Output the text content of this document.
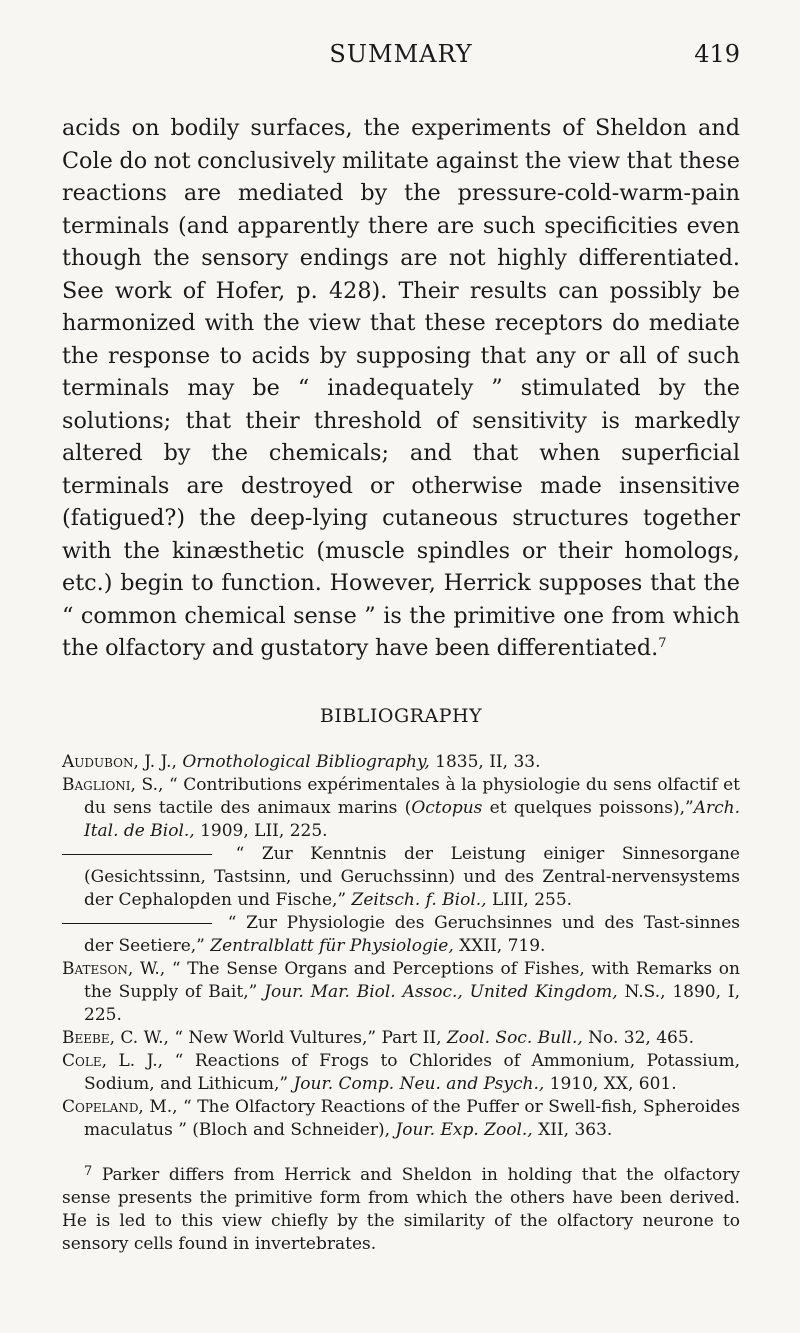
SUMMARY	419

acids on bodily surfaces, the experiments of Sheldon and Cole do not conclusively militate against the view that these reactions are mediated by the pressure-cold-warm-pain terminals (and apparently there are such specificities even though the sensory endings are not highly differentiated. See work of Hofer, p. 428). Their results can possibly be harmonized with the view that these receptors do mediate the response to acids by supposing that any or all of such terminals may be “ inadequately ” stimulated by the solutions; that their threshold of sensitivity is markedly altered by the chemicals; and that when superficial terminals are destroyed or otherwise made insensitive (fatigued?) the deep-lying cutaneous structures together with the kinæsthetic (muscle spindles or their homologs, etc.) begin to function. However, Herrick supposes that the “ common chemical sense ” is the primitive one from which the olfactory and gustatory have been differentiated.$^7$

BIBLIOGRAPHY
Audubon, J. J., Ornothological Bibliography, 1835, II, 33.
Baglioni, S., “ Contributions expérimentales à la physiologie du sens olfactif et du sens tactile des animaux marins (Octopus et quelques poissons),”Arch. Ital. de Biol., 1909, LII, 225.
“ Zur Kenntnis der Leistung einiger Sinnesorgane (Gesichtssinn, Tastsinn, und Geruchssinn) und des Zentral-nervensystems der Cephalopden und Fische,” Zeitsch. f. Biol., LIII, 255.
“ Zur Physiologie des Geruchsinnes und des Tast-sinnes der Seetiere,” Zentralblatt für Physiologie, XXII, 719.
Bateson, W., “ The Sense Organs and Perceptions of Fishes, with Remarks on the Supply of Bait,” Jour. Mar. Biol. Assoc., United Kingdom, N.S., 1890, I, 225.
Beebe, C. W., “ New World Vultures,” Part II, Zool. Soc. Bull., No. 32, 465.
Cole, L. J., “ Reactions of Frogs to Chlorides of Ammonium, Potassium, Sodium, and Lithicum,” Jour. Comp. Neu. and Psych., 1910, XX, 601.
Copeland, M., “ The Olfactory Reactions of the Puffer or Swell-fish, Spheroides maculatus ” (Bloch and Schneider), Jour. Exp. Zool., XII, 363.

$^7$ Parker differs from Herrick and Sheldon in holding that the olfactory sense presents the primitive form from which the others have been derived. He is led to this view chiefly by the similarity of the olfactory neurone to sensory cells found in invertebrates.
